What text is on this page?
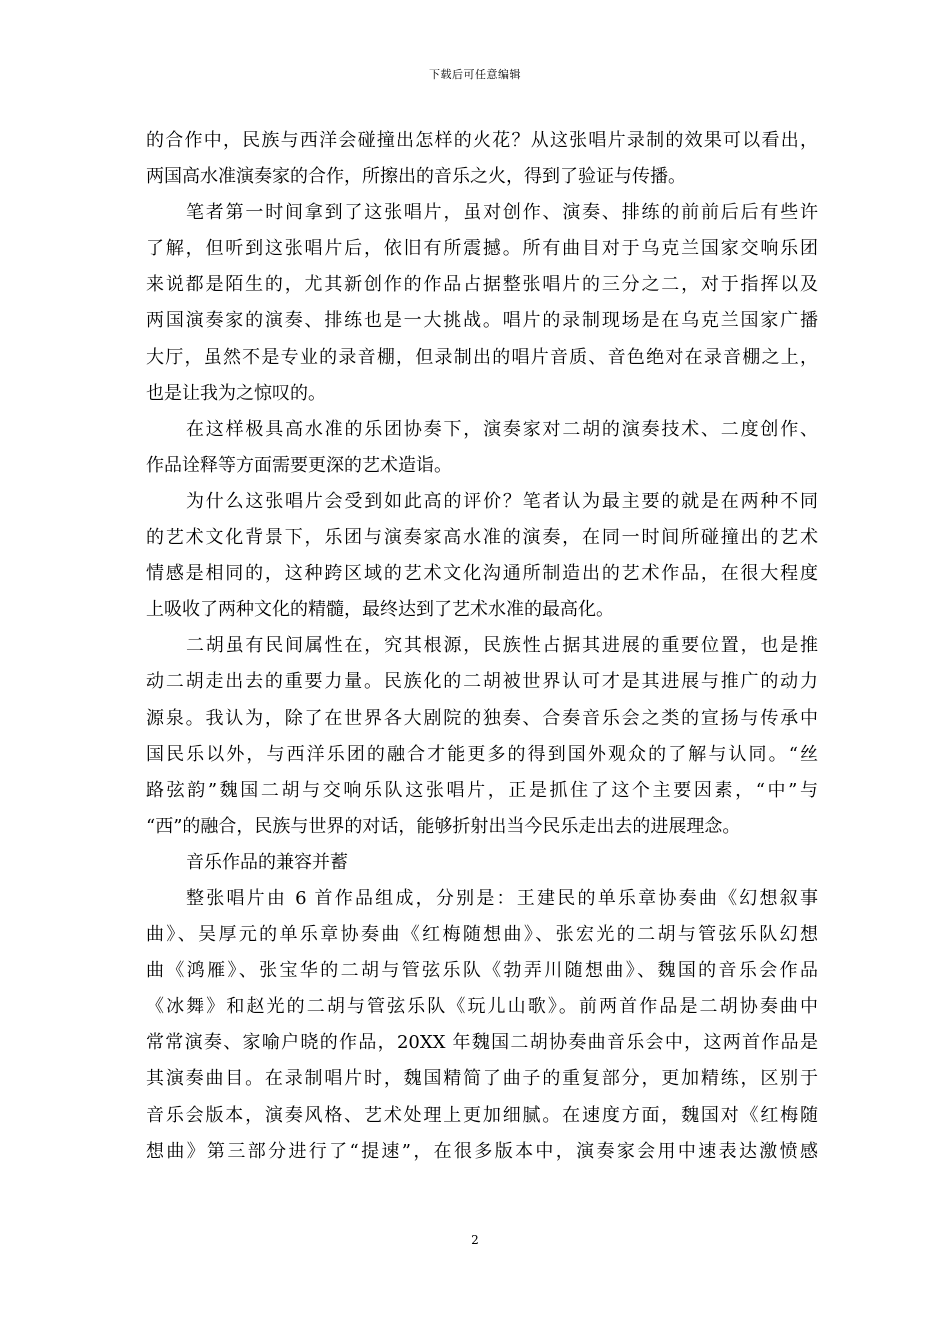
下载后可任意编辑
的合作中，民族与西洋会碰撞出怎样的火花？从这张唱片录制的效果可以看出，
两国高水准演奏家的合作，所擦出的音乐之火，得到了验证与传播。
笔者第一时间拿到了这张唱片，虽对创作、演奏、排练的前前后后有些许
了解，但听到这张唱片后，依旧有所震撼。所有曲目对于乌克兰国家交响乐团
来说都是陌生的，尤其新创作的作品占据整张唱片的三分之二，对于指挥以及
两国演奏家的演奏、排练也是一大挑战。唱片的录制现场是在乌克兰国家广播
大厅，虽然不是专业的录音棚，但录制出的唱片音质、音色绝对在录音棚之上，
也是让我为之惊叹的。
在这样极具高水准的乐团协奏下，演奏家对二胡的演奏技术、二度创作、
作品诠释等方面需要更深的艺术造诣。
为什么这张唱片会受到如此高的评价？笔者认为最主要的就是在两种不同
的艺术文化背景下，乐团与演奏家高水准的演奏，在同一时间所碰撞出的艺术
情感是相同的，这种跨区域的艺术文化沟通所制造出的艺术作品，在很大程度
上吸收了两种文化的精髓，最终达到了艺术水准的最高化。
二胡虽有民间属性在，究其根源，民族性占据其进展的重要位置，也是推
动二胡走出去的重要力量。民族化的二胡被世界认可才是其进展与推广的动力
源泉。我认为，除了在世界各大剧院的独奏、合奏音乐会之类的宣扬与传承中
国民乐以外，与西洋乐团的融合才能更多的得到国外观众的了解与认同。“丝
路弦韵”魏国二胡与交响乐队这张唱片，正是抓住了这个主要因素，“中”与
“西”的融合，民族与世界的对话，能够折射出当今民乐走出去的进展理念。
音乐作品的兼容并蓄
整张唱片由 6 首作品组成，分别是：王建民的单乐章协奏曲《幻想叙事
曲》、吴厚元的单乐章协奏曲《红梅随想曲》、张宏光的二胡与管弦乐队幻想
曲《鸿雁》、张宝华的二胡与管弦乐队《勃弄川随想曲》、魏国的音乐会作品
《冰舞》和赵光的二胡与管弦乐队《玩儿山歌》。前两首作品是二胡协奏曲中
常常演奏、家喻户晓的作品，20XX 年魏国二胡协奏曲音乐会中，这两首作品是
其演奏曲目。在录制唱片时，魏国精简了曲子的重复部分，更加精练，区别于
音乐会版本，演奏风格、艺术处理上更加细腻。在速度方面，魏国对《红梅随
想曲》第三部分进行了“提速”，在很多版本中，演奏家会用中速表达激愤感
2
